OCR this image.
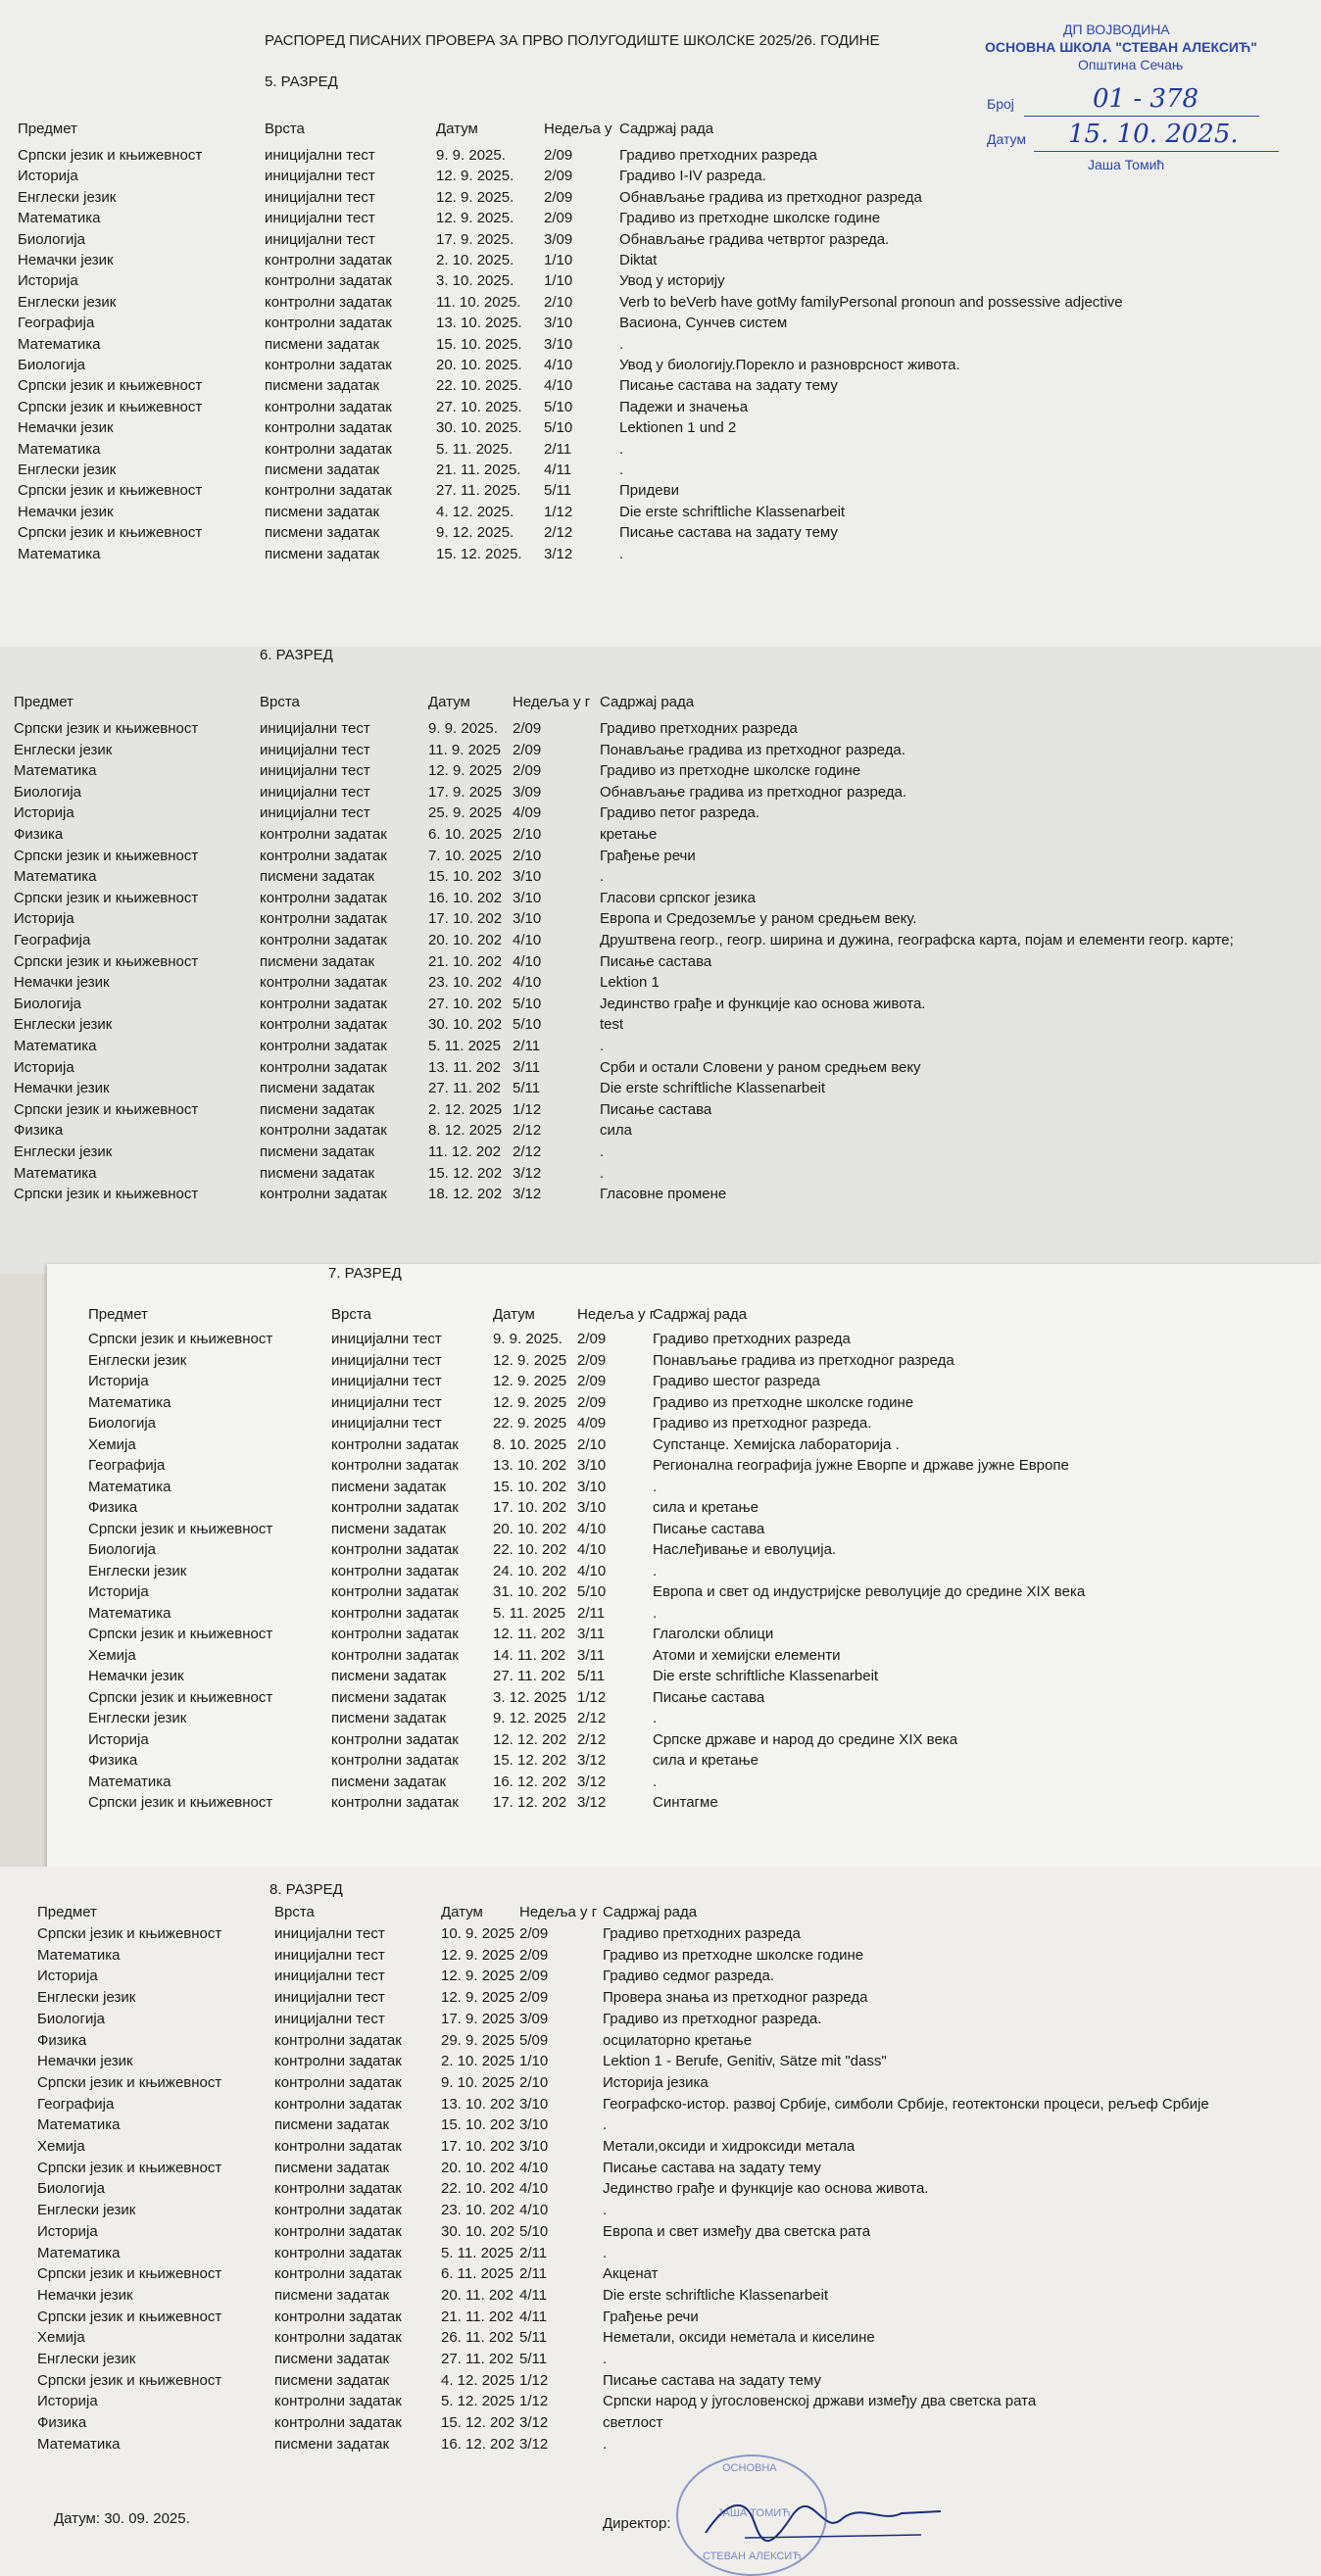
РАСПОРЕД ПИСАНИХ ПРОВЕРА ЗА ПРВО ПОЛУГОДИШТЕ ШКОЛСКЕ 2025/26. ГОДИНЕ
5. РАЗРЕД
Предмет	Врста	Датум	Недеља у Садржај рада
Српски језик и књижевност	иницијални тест	9. 9. 2025.	2/09	Градиво претходних разреда
Историја	иницијални тест	12. 9. 2025. 2/09	Градиво I-IV разреда.
Енглески језик	иницијални тест	12. 9. 2025. 2/09	Обнављање градива из претходног разреда
Математика	иницијални тест	12. 9. 2025. 2/09	Градиво из претходне школске године
Биологија	иницијални тест	17. 9. 2025. 3/09	Обнављање градива четвртог разреда.
Немачки језик	контролни задатак	2. 10. 2025. 1/10	Diktat
Историја	контролни задатак	3. 10. 2025. 1/10	Увод у историју
Енглески језик	контролни задатак	11. 10. 2025. 2/10	Verb to beVerb have gotMy familyPersonal pronoun and possessive adjective
Географија	контролни задатак	13. 10. 2025. 3/10	Васиона, Сунчев систем
Математика	писмени задатак	15. 10. 2025. 3/10	.
Биологија	контролни задатак	20. 10. 2025. 4/10	Увод у биологију.Порекло и разноврсност живота.
Српски језик и књижевност	писмени задатак	22. 10. 2025. 4/10	Писање састава на задату тему
Српски језик и књижевност	контролни задатак	27. 10. 2025. 5/10	Падежи и значења
Немачки језик	контролни задатак	30. 10. 2025. 5/10	Lektionen 1 und 2
Математика	контролни задатак	5. 11. 2025. 2/11	.
Енглески језик	писмени задатак	21. 11. 2025. 4/11	.
Српски језик и књижевност	контролни задатак	27. 11. 2025. 5/11	Придеви
Немачки језик	писмени задатак	4. 12. 2025. 1/12	Die erste schriftliche Klassenarbeit
Српски језик и књижевност	писмени задатак	9. 12. 2025. 2/12	Писање састава на задату тему
Математика	писмени задатак	15. 12. 2025. 3/12	.
ДП ВОЈВОДИНА
ОСНОВНА ШКОЛА "СТЕВАН АЛЕКСИЋ"
Општина Сечањ
Број	01 - 378
Датум 15. 10. 2025.
Јаша Томић
6. РАЗРЕД
Предмет	Врста	Датум	Недеља у г Садржај рада
Српски језик и књижевност	иницијални тест	9. 9. 2025. 2/09	Градиво претходних разреда
Енглески језик	иницијални тест	11. 9. 2025 2/09	Понављање градива из претходног разреда.
Математика	иницијални тест	12. 9. 2025 2/09	Градиво из претходне школске године
Биологија	иницијални тест	17. 9. 2025 3/09	Обнављање градива из претходног разреда.
Историја	иницијални тест	25. 9. 2025 4/09	Градиво петог разреда.
Физика	контролни задатак	6. 10. 2025 2/10	кретање
Српски језик и књижевност	контролни задатак	7. 10. 2025 2/10	Грађење речи
Математика	писмени задатак	15. 10. 202 3/10	.
Српски језик и књижевност	контролни задатак	16. 10. 202 3/10	Гласови српског језика
Историја	контролни задатак	17. 10. 202 3/10	Европа и Средоземље у раном средњем веку.
Географија	контролни задатак	20. 10. 202 4/10	Друштвена геогр., геогр. ширина и дужина, географска карта, појам и елементи геогр. карте;
Српски језик и књижевност	писмени задатак	21. 10. 202 4/10	Писање састава
Немачки језик	контролни задатак	23. 10. 202 4/10	Lektion 1
Биологија	контролни задатак	27. 10. 202 5/10	Јединство грађе и функције као основа живота.
Енглески језик	контролни задатак	30. 10. 202 5/10	test
Математика	контролни задатак	5. 11. 2025 2/11	.
Историја	контролни задатак	13. 11. 202 3/11	Срби и остали Словени у раном средњем веку
Немачки језик	писмени задатак	27. 11. 202 5/11	Die erste schriftliche Klassenarbeit
Српски језик и књижевност	писмени задатак	2. 12. 2025 1/12	Писање састава
Физика	контролни задатак	8. 12. 2025 2/12	сила
Енглески језик	писмени задатак	11. 12. 202 2/12	.
Математика	писмени задатак	15. 12. 202 3/12	.
Српски језик и књижевност	контролни задатак	18. 12. 202 3/12	Гласовне промене
7. РАЗРЕД
Предмет	Врста	Датум	Недеља у г
Садржај рада
Српски језик и књижевност	иницијални тест	9. 9. 2025. 2/09	Градиво претходних разреда
Енглески језик	иницијални тест	12. 9. 2025 2/09	Понављање градива из претходног разреда
Историја	иницијални тест	12. 9. 2025 2/09	Градиво шестог разреда
Математика	иницијални тест	12. 9. 2025 2/09	Градиво из претходне школске године
Биологија	иницијални тест	22. 9. 2025 4/09	Градиво из претходног разреда.
Хемија	контролни задатак 8. 10. 2025 2/10	Супстанце. Хемијска лабораторија .
Географија	контролни задатак 13. 10. 202 3/10	Регионална географија јужне Еворпе и државе јужне Европе
Математика	писмени задатак	15. 10. 202 3/10	.
Физика	контролни задатак 17. 10. 202 3/10	сила и кретање
Српски језик и књижевност	писмени задатак	20. 10. 202 4/10	Писање састава
Биологија	контролни задатак 22. 10. 202 4/10	Наслеђивање и еволуција.
Енглески језик	контролни задатак 24. 10. 202 4/10	.
Историја	контролни задатак 31. 10. 202 5/10	Европа и свет од индустријске револуције до средине XIX века
Математика	контролни задатак 5. 11. 2025 2/11	.
Српски језик и књижевност	контролни задатак 12. 11. 202 3/11	Глаголски облици
Хемија	контролни задатак 14. 11. 202 3/11	Атоми и хемијски елементи
Немачки језик	писмени задатак	27. 11. 202 5/11	Die erste schriftliche Klassenarbeit
Српски језик и књижевност	писмени задатак	3. 12. 2025 1/12	Писање састава
Енглески језик	писмени задатак	9. 12. 2025 2/12	.
Историја	контролни задатак 12. 12. 202 2/12	Српске државе и народ до средине XIX века
Физика	контролни задатак 15. 12. 202 3/12	сила и кретање
Математика	писмени задатак	16. 12. 202 3/12	.
Српски језик и књижевност	контролни задатак 17. 12. 202 3/12	Синтагме
8. РАЗРЕД
Предмет	Врста	Датум Недеља у г Садржај рада
Српски језик и књижевност	иницијални тест	10. 9. 2025 2/09	Градиво претходних разреда
Математика	иницијални тест	12. 9. 2025 2/09	Градиво из претходне школске године
Историја	иницијални тест	12. 9. 2025 2/09	Градиво седмог разреда.
Енглески језик	иницијални тест	12. 9. 2025 2/09	Провера знања из претходног разреда
Биологија	иницијални тест	17. 9. 2025 3/09	Градиво из претходног разреда.
Физика	контролни задатак	29. 9. 2025 5/09	осцилаторно кретање
Немачки језик	контролни задатак	2. 10. 2025 1/10	Lektion 1 - Berufe, Genitiv, Sätze mit "dass"
Српски језик и књижевност	контролни задатак	9. 10. 2025 2/10	Историја језика
Географија	контролни задатак	13. 10. 202 3/10	Географско-истор. развој Србије, симболи Србије, геотектонски процеси, рељеф Србије
Математика	писмени задатак	15. 10. 202 3/10	.
Хемија	контролни задатак	17. 10. 202 3/10	Метали,оксиди и хидроксиди метала
Српски језик и књижевност	писмени задатак	20. 10. 202 4/10	Писање састава на задату тему
Биологија	контролни задатак	22. 10. 202 4/10	Јединство грађе и функције као основа живота.
Енглески језик	контролни задатак	23. 10. 202 4/10	.
Историја	контролни задатак	30. 10. 202 5/10	Европа и свет између два светска рата
Математика	контролни задатак	5. 11. 2025 2/11	.
Српски језик и књижевност	контролни задатак	6. 11. 2025 2/11	Акценат
Немачки језик	писмени задатак	20. 11. 202 4/11	Die erste schriftliche Klassenarbeit
Српски језик и књижевност	контролни задатак	21. 11. 202 4/11	Грађење речи
Хемија	контролни задатак	26. 11. 202 5/11	Неметали, оксиди неметала и киселине
Енглески језик	писмени задатак	27. 11. 202 5/11	.
Српски језик и књижевност	писмени задатак	4. 12. 2025 1/12	Писање састава на задату тему
Историја	контролни задатак	5. 12. 2025 1/12	Српски народ у југословенској држави између два светска рата
Физика	контролни задатак	15. 12. 202 3/12	светлост
Математика	писмени задатак	16. 12. 202 3/12	.
Датум: 30. 09. 2025.	Директор:
ОСНОВНА
ЈАША ТОМИЋ
СТЕВАН АЛЕКСИЋ
